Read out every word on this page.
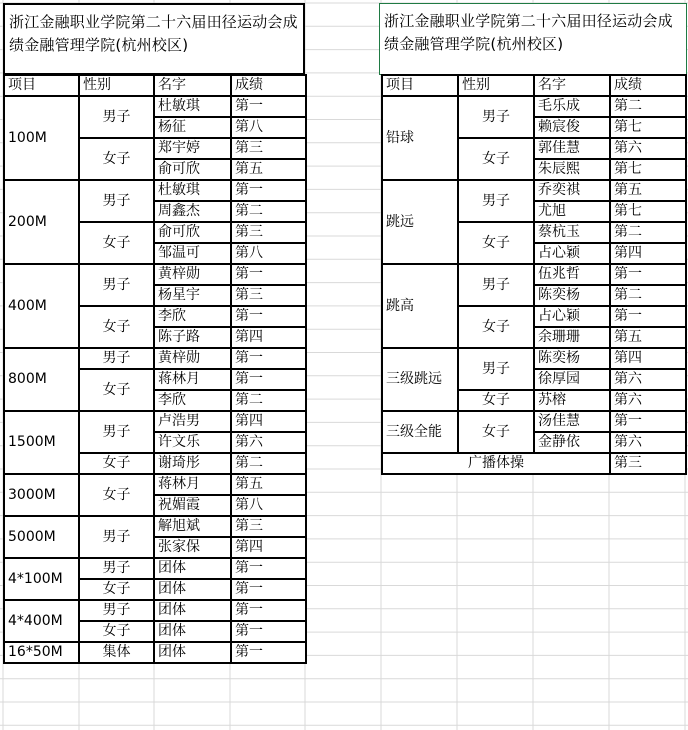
浙江金融职业学院第二十六届田径运动会成绩金融管理学院(杭州校区)
项目	性别	名字	成绩
100M	男子	杜敏琪	第一
		杨征	第八
	女子	郑宇婷	第三
		俞可欣	第五
200M	男子	杜敏琪	第一
		周鑫杰	第二
	女子	俞可欣	第三
		邹温可	第八
400M	男子	黄梓勋	第一
		杨星宇	第三
	女子	李欣	第一
		陈子路	第四
800M	男子	黄梓勋	第一
	女子	蒋林月	第一
		李欣	第二
1500M	男子	卢浩男	第四
		许文乐	第六
	女子	谢琦彤	第二
3000M	女子	蒋林月	第五
		祝媚霞	第八
5000M	男子	解旭斌	第三
		张家保	第四
4*100M	男子	团体	第一
	女子	团体	第一
4*400M	男子	团体	第一
	女子	团体	第一
16*50M	集体	团体	第一
浙江金融职业学院第二十六届田径运动会成绩金融管理学院(杭州校区)
项目	性别	名字	成绩
铅球	男子	毛乐成	第二
		赖宸俊	第七
	女子	郭佳慧	第六
		朱辰熙	第七
跳远	男子	乔奕祺	第五
		尤旭	第七
	女子	蔡杭玉	第二
		占心颖	第四
跳高	男子	伍兆哲	第一
		陈奕杨	第二
	女子	占心颖	第一
		余珊珊	第五
三级跳远	男子	陈奕杨	第四
		徐厚园	第六
	女子	苏榕	第六
三级全能	女子	汤佳慧	第一
		金静依	第六
广播体操			第三
